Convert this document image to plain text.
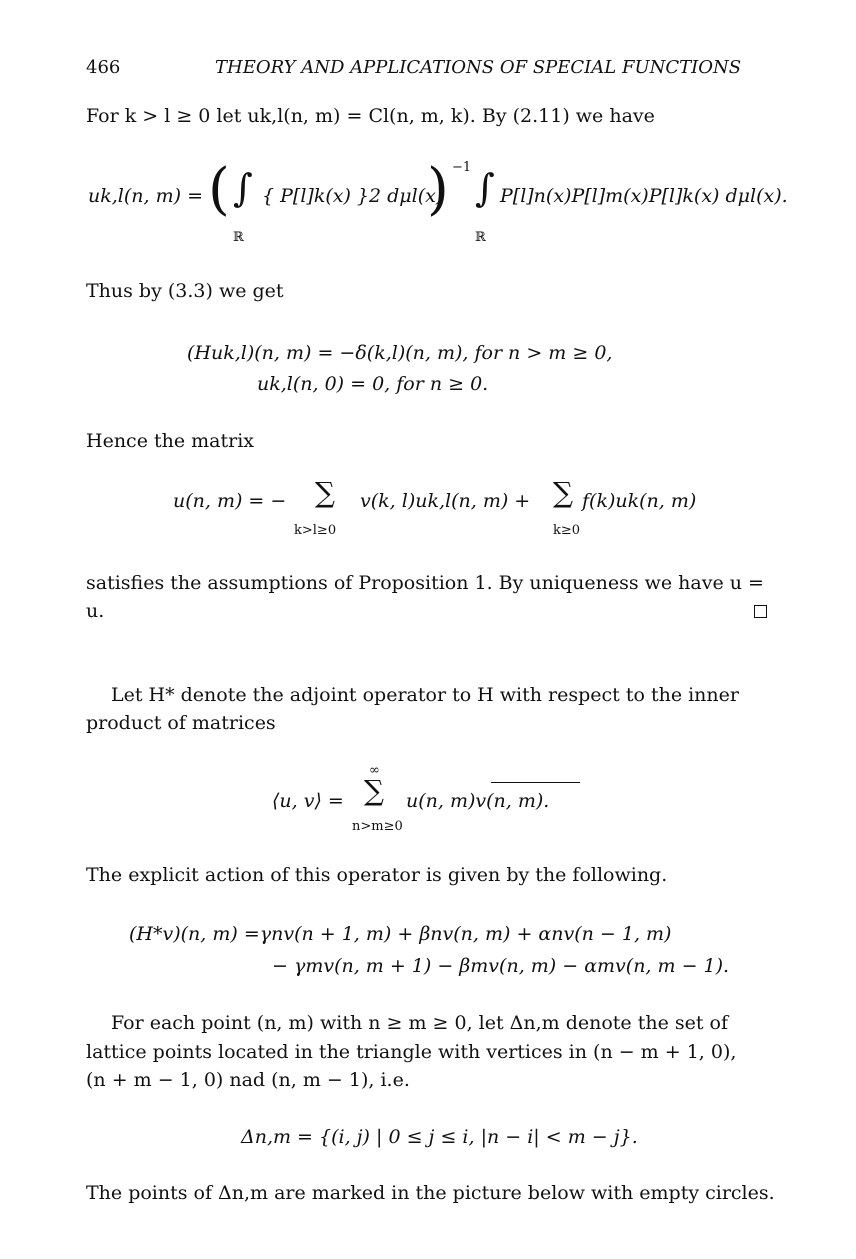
466	THEORY AND APPLICATIONS OF SPECIAL FUNCTIONS
For k > l ≥ 0 let uk,l(n, m) = Cl(n, m, k). By (2.11) we have
uk,l(n, m) = ( ∫
ℝ
{ P[l]k(x) }2 dμl(x)
) −1 ∫
ℝ
P[l]n(x)P[l]m(x)P[l]k(x) dμl(x).
Thus by (3.3) we get
(Huk,l)(n, m) = −δ(k,l)(n, m), for n > m ≥ 0,
uk,l(n, 0) = 0, for n ≥ 0.
Hence the matrix
u(n, m) = − ∑
k>l≥0
v(k, l)uk,l(n, m) + ∑
k≥0
f(k)uk(n, m)
satisfies the assumptions of Proposition 1. By uniqueness we have u =
u.
Let H* denote the adjoint operator to H with respect to the inner
product of matrices
∞
⟨u, v⟩ = ∑
n>m≥0
u(n, m)v(n, m).
The explicit action of this operator is given by the following.
(H*v)(n, m) =γnv(n + 1, m) + βnv(n, m) + αnv(n − 1, m)
− γmv(n, m + 1) − βmv(n, m) − αmv(n, m − 1).
For each point (n, m) with n ≥ m ≥ 0, let Δn,m denote the set of
lattice points located in the triangle with vertices in (n − m + 1, 0),
(n + m − 1, 0) nad (n, m − 1), i.e.
Δn,m = {(i, j) | 0 ≤ j ≤ i, |n − i| < m − j}.
The points of Δn,m are marked in the picture below with empty circles.
